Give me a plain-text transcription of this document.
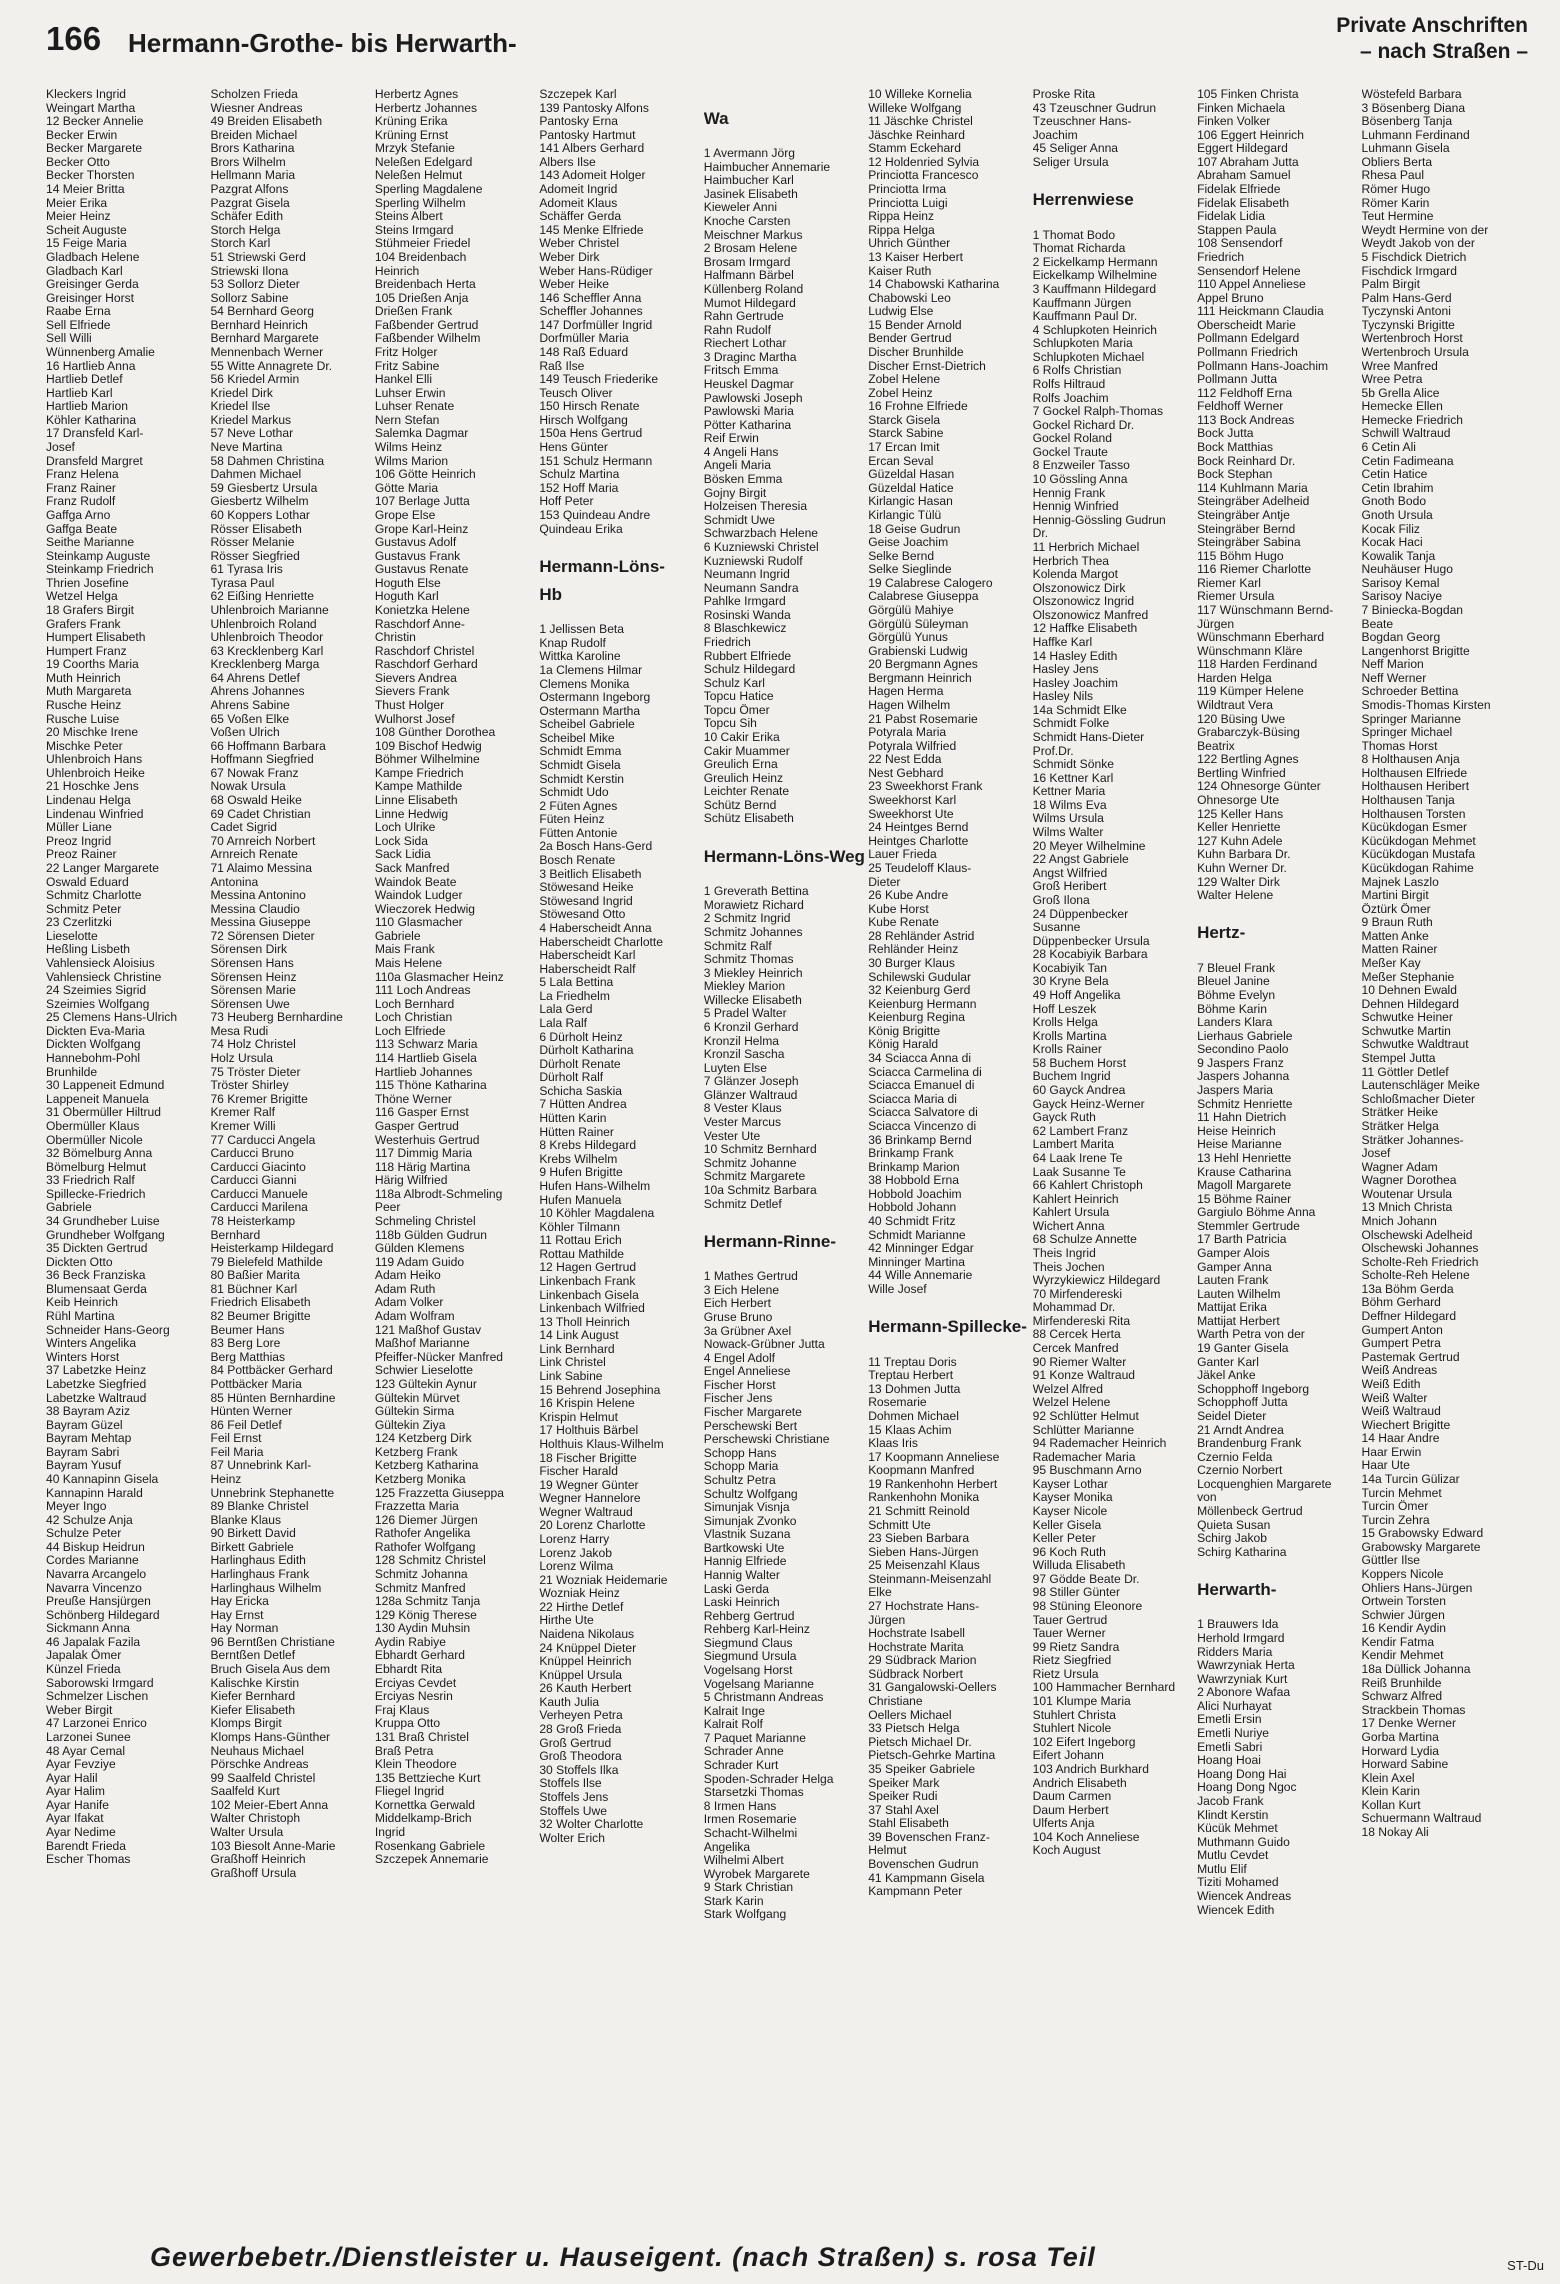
166 Hermann-Grothe- bis Herwarth-
Private Anschriften
– nach Straßen –
Kleckers Ingrid
Weingart Martha
12 Becker Annelie
Becker Erwin
Becker Margarete
Becker Otto
Becker Thorsten
14 Meier Britta
Meier Erika
Meier Heinz
Scheit Auguste
15 Feige Maria
Gladbach Helene
Gladbach Karl
Greisinger Gerda
Greisinger Horst
Raabe Erna
Sell Elfriede
Sell Willi
Wünnenberg Amalie
16 Hartlieb Anna
Hartlieb Detlef
Hartlieb Karl
Hartlieb Marion
Köhler Katharina
17 Dransfeld Karl-
Josef
Dransfeld Margret
Franz Helena
Franz Rainer
Franz Rudolf
Gaffga Arno
Gaffga Beate
Seithe Marianne
Steinkamp Auguste
Steinkamp Friedrich
Thrien Josefine
Wetzel Helga
18 Grafers Birgit
Grafers Frank
Humpert Elisabeth
Humpert Franz
19 Coorths Maria
Muth Heinrich
Muth Margareta
Rusche Heinz
Rusche Luise
20 Mischke Irene
Mischke Peter
Uhlenbroich Hans
Uhlenbroich Heike
21 Hoschke Jens
Lindenau Helga
Lindenau Winfried
Müller Liane
Preoz Ingrid
Preoz Rainer
22 Langer Margarete
Oswald Eduard
Schmitz Charlotte
Schmitz Peter
23 Czerlitzki
Lieselotte
Heßling Lisbeth
Vahlensieck Aloisius
Vahlensieck Christine
24 Szeimies Sigrid
Szeimies Wolfgang
25 Clemens Hans-Ulrich
Dickten Eva-Maria
Dickten Wolfgang
Hannebohm-Pohl
Brunhilde
30 Lappeneit Edmund
Lappeneit Manuela
31 Obermüller Hiltrud
Obermüller Klaus
Obermüller Nicole
32 Bömelburg Anna
Bömelburg Helmut
33 Friedrich Ralf
Spillecke-Friedrich
Gabriele
34 Grundheber Luise
Grundheber Wolfgang
35 Dickten Gertrud
Dickten Otto
36 Beck Franziska
Blumensaat Gerda
Keib Heinrich
Rühl Martina
Schneider Hans-Georg
Winters Angelika
Winters Horst
37 Labetzke Heinz
Labetzke Siegfried
Labetzke Waltraud
38 Bayram Aziz
Bayram Güzel
Bayram Mehtap
Bayram Sabri
Bayram Yusuf
40 Kannapinn Gisela
Kannapinn Harald
Meyer Ingo
42 Schulze Anja
Schulze Peter
44 Biskup Heidrun
Cordes Marianne
Navarra Arcangelo
Navarra Vincenzo
Preuße Hansjürgen
Schönberg Hildegard
Sickmann Anna
46 Japalak Fazila
Japalak Ömer
Künzel Frieda
Saborowski Irmgard
Schmelzer Lischen
Weber Birgit
47 Larzonei Enrico
Larzonei Sunee
48 Ayar Cemal
Ayar Fevziye
Ayar Halil
Ayar Halim
Ayar Hanife
Ayar Ifakat
Ayar Nedime
Barendt Frieda
Escher Thomas
Scholzen Frieda
Wiesner Andreas
49 Breiden Elisabeth
Breiden Michael
Brors Katharina
Brors Wilhelm
Hellmann Maria
Pazgrat Alfons
Pazgrat Gisela
Schäfer Edith
Storch Helga
Storch Karl
51 Striewski Gerd
Striewski Ilona
53 Sollorz Dieter
Sollorz Sabine
54 Bernhard Georg
Bernhard Heinrich
Bernhard Margarete
Mennenbach Werner
55 Witte Annagrete Dr.
56 Kriedel Armin
Kriedel Dirk
Kriedel Ilse
Kriedel Markus
57 Neve Lothar
Neve Martina
58 Dahmen Christina
Dahmen Michael
59 Giesbertz Ursula
Giesbertz Wilhelm
60 Koppers Lothar
Rösser Elisabeth
Rösser Melanie
Rösser Siegfried
61 Tyrasa Iris
Tyrasa Paul
62 Eißing Henriette
Uhlenbroich Marianne
Uhlenbroich Roland
Uhlenbroich Theodor
63 Krecklenberg Karl
Krecklenberg Marga
64 Ahrens Detlef
Ahrens Johannes
Ahrens Sabine
65 Voßen Elke
Voßen Ulrich
66 Hoffmann Barbara
Hoffmann Siegfried
67 Nowak Franz
Nowak Ursula
68 Oswald Heike
69 Cadet Christian
Cadet Sigrid
70 Arnreich Norbert
Arnreich Renate
71 Alaimo Messina
Antonina
Messina Antonino
Messina Claudio
Messina Giuseppe
72 Sörensen Dieter
Sörensen Dirk
Sörensen Hans
Sörensen Heinz
Sörensen Marie
Sörensen Uwe
73 Heuberg Bernhardine
Mesa Rudi
74 Holz Christel
Holz Ursula
75 Tröster Dieter
Tröster Shirley
76 Kremer Brigitte
Kremer Ralf
Kremer Willi
77 Carducci Angela
Carducci Bruno
Carducci Giacinto
Carducci Gianni
Carducci Manuele
Carducci Marilena
78 Heisterkamp
Bernhard
Heisterkamp Hildegard
79 Bielefeld Mathilde
80 Baßier Marita
81 Büchner Karl
Friedrich Elisabeth
82 Beumer Brigitte
Beumer Hans
83 Berg Lore
Berg Matthias
84 Pottbäcker Gerhard
Pottbäcker Maria
85 Hünten Bernhardine
Hünten Werner
86 Feil Detlef
Feil Ernst
Feil Maria
87 Unnebrink Karl-
Heinz
Unnebrink Stephanette
89 Blanke Christel
Blanke Klaus
90 Birkett David
Birkett Gabriele
Harlinghaus Edith
Harlinghaus Frank
Harlinghaus Wilhelm
Hay Ericka
Hay Ernst
Hay Norman
96 Berntßen Christiane
Berntßen Detlef
Bruch Gisela Aus dem
Kalischke Kirstin
Kiefer Bernhard
Kiefer Elisabeth
Klomps Birgit
Klomps Hans-Günther
Neuhaus Michael
Pörschke Andreas
99 Saalfeld Christel
Saalfeld Kurt
102 Meier-Ebert Anna
Walter Christoph
Walter Ursula
103 Biesolt Anne-Marie
Graßhoff Heinrich
Graßhoff Ursula
Herbertz Agnes
Herbertz Johannes
Krüning Erika
Krüning Ernst
Mrzyk Stefanie
Neleßen Edelgard
Neleßen Helmut
Sperling Magdalene
Sperling Wilhelm
Steins Albert
Steins Irmgard
Stühmeier Friedel
104 Breidenbach
Heinrich
Breidenbach Herta
105 Drießen Anja
Drießen Frank
Faßbender Gertrud
Faßbender Wilhelm
Fritz Holger
Fritz Sabine
Hankel Elli
Luhser Erwin
Luhser Renate
Nern Stefan
Salemka Dagmar
Wilms Heinz
Wilms Marion
106 Götte Heinrich
Götte Maria
107 Berlage Jutta
Grope Else
Grope Karl-Heinz
Gustavus Adolf
Gustavus Frank
Gustavus Renate
Hoguth Else
Hoguth Karl
Konietzka Helene
Raschdorf Anne-
Christin
Raschdorf Christel
Raschdorf Gerhard
Sievers Andrea
Sievers Frank
Thust Holger
Wulhorst Josef
108 Günther Dorothea
109 Bischof Hedwig
Böhmer Wilhelmine
Kampe Friedrich
Kampe Mathilde
Linne Elisabeth
Linne Hedwig
Loch Ulrike
Lock Sida
Sack Lidia
Sack Manfred
Waindok Beate
Waindok Ludger
Wieczorek Hedwig
110 Glasmacher
Gabriele
Mais Frank
Mais Helene
110a Glasmacher Heinz
111 Loch Andreas
Loch Bernhard
Loch Christian
Loch Elfriede
113 Schwarz Maria
114 Hartlieb Gisela
Hartlieb Johannes
115 Thöne Katharina
Thöne Werner
116 Gasper Ernst
Gasper Gertrud
Westerhuis Gertrud
117 Dimmig Maria
118 Härig Martina
Härig Wilfried
118a Albrodt-Schmeling
Peer
Schmeling Christel
118b Gülden Gudrun
Gülden Klemens
119 Adam Guido
Adam Heiko
Adam Ruth
Adam Volker
Adam Wolfram
121 Maßhof Gustav
Maßhof Marianne
Pfeiffer-Nücker Manfred
Schwier Lieselotte
123 Gültekin Aynur
Gültekin Mürvet
Gültekin Sirma
Gültekin Ziya
124 Ketzberg Dirk
Ketzberg Frank
Ketzberg Katharina
Ketzberg Monika
125 Frazzetta Giuseppa
Frazzetta Maria
126 Diemer Jürgen
Rathofer Angelika
Rathofer Wolfgang
128 Schmitz Christel
Schmitz Johanna
Schmitz Manfred
128a Schmitz Tanja
129 König Therese
130 Aydin Muhsin
Aydin Rabiye
Ebhardt Gerhard
Ebhardt Rita
Erciyas Cevdet
Erciyas Nesrin
Fraj Klaus
Kruppa Otto
131 Braß Christel
Braß Petra
Klein Theodore
135 Bettzieche Kurt
Fliegel Ingrid
Kornettka Gerwald
Middelkamp-Brich
Ingrid
Rosenkang Gabriele
Szczepek Annemarie
Szczepek Karl
139 Pantosky Alfons
Pantosky Erna
Pantosky Hartmut
141 Albers Gerhard
Albers Ilse
143 Adomeit Holger
Adomeit Ingrid
Adomeit Klaus
Schäffer Gerda
145 Menke Elfriede
Weber Christel
Weber Dirk
Weber Hans-Rüdiger
Weber Heike
146 Scheffler Anna
Scheffler Johannes
147 Dorfmüller Ingrid
Dorfmüller Maria
148 Raß Eduard
Raß Ilse
149 Teusch Friederike
Teusch Oliver
150 Hirsch Renate
Hirsch Wolfgang
150a Hens Gertrud
Hens Günter
151 Schulz Hermann
Schulz Martina
152 Hoff Maria
Hoff Peter
153 Quindeau Andre
Quindeau Erika

Hermann-Löns-
Hb

1 Jellissen Beta
Knap Rudolf
Wittka Karoline
1a Clemens Hilmar
Clemens Monika
Ostermann Ingeborg
Ostermann Martha
Scheibel Gabriele
Scheibel Mike
Schmidt Emma
Schmidt Gisela
Schmidt Kerstin
Schmidt Udo
2 Füten Agnes
Füten Heinz
Fütten Antonie
2a Bosch Hans-Gerd
Bosch Renate
3 Beitlich Elisabeth
Stöwesand Heike
Stöwesand Ingrid
Stöwesand Otto
4 Haberscheidt Anna
Haberscheidt Charlotte
Haberscheidt Karl
Haberscheidt Ralf
5 Lala Bettina
La Friedhelm
Lala Gerd
Lala Ralf
6 Dürholt Heinz
Dürholt Katharina
Dürholt Renate
Dürholt Ralf
Schicha Saskia
7 Hütten Andrea
Hütten Karin
Hütten Rainer
8 Krebs Hildegard
Krebs Wilhelm
9 Hufen Brigitte
Hufen Hans-Wilhelm
Hufen Manuela
10 Köhler Magdalena
Köhler Tilmann
11 Rottau Erich
Rottau Mathilde
12 Hagen Gertrud
Linkenbach Frank
Linkenbach Gisela
Linkenbach Wilfried
13 Tholl Heinrich
14 Link August
Link Bernhard
Link Christel
Link Sabine
15 Behrend Josephina
16 Krispin Helene
Krispin Helmut
17 Holthuis Bärbel
Holthuis Klaus-Wilhelm
18 Fischer Brigitte
Fischer Harald
19 Wegner Günter
Wegner Hannelore
Wegner Waltraud
20 Lorenz Charlotte
Lorenz Harry
Lorenz Jakob
Lorenz Wilma
21 Wozniak Heidemarie
Wozniak Heinz
22 Hirthe Detlef
Hirthe Ute
Naidena Nikolaus
24 Knüppel Dieter
Knüppel Heinrich
Knüppel Ursula
26 Kauth Herbert
Kauth Julia
Verheyen Petra
28 Groß Frieda
Groß Gertrud
Groß Theodora
30 Stoffels Ilka
Stoffels Ilse
Stoffels Jens
Stoffels Uwe
32 Wolter Charlotte
Wolter Erich

Wa

1 Avermann Jörg
Haimbucher Annemarie
Haimbucher Karl
Jasinek Elisabeth
Kieweler Anni
Knoche Carsten
Meischner Markus
2 Brosam Helene
Brosam Irmgard
Halfmann Bärbel
Küllenberg Roland
Mumot Hildegard
Rahn Gertrude
Rahn Rudolf
Riechert Lothar
3 Draginc Martha
Fritsch Emma
Heuskel Dagmar
Pawlowski Joseph
Pawlowski Maria
Pötter Katharina
Reif Erwin
4 Angeli Hans
Angeli Maria
Bösken Emma
Gojny Birgit
Holzeisen Theresia
Schmidt Uwe
Schwarzbach Helene
6 Kuzniewski Christel
Kuzniewski Rudolf
Neumann Ingrid
Neumann Sandra
Pahlke Irmgard
Rosinski Wanda
8 Blaschkewicz
Friedrich
Rubbert Elfriede
Schulz Hildegard
Schulz Karl
Topcu Hatice
Topcu Ömer
Topcu Sih
10 Cakir Erika
Cakir Muammer
Greulich Erna
Greulich Heinz
Leichter Renate
Schütz Bernd
Schütz Elisabeth

Hermann-Löns-Weg

1 Greverath Bettina
Morawietz Richard
2 Schmitz Ingrid
Schmitz Johannes
Schmitz Ralf
Schmitz Thomas
3 Miekley Heinrich
Miekley Marion
Willecke Elisabeth
5 Pradel Walter
6 Kronzil Gerhard
Kronzil Helma
Kronzil Sascha
Luyten Else
7 Glänzer Joseph
Glänzer Waltraud
8 Vester Klaus
Vester Marcus
Vester Ute
10 Schmitz Bernhard
Schmitz Johanne
Schmitz Margarete
10a Schmitz Barbara
Schmitz Detlef

Hermann-Rinne-

1 Mathes Gertrud
3 Eich Helene
Eich Herbert
Gruse Bruno
3a Grübner Axel
Nowack-Grübner Jutta
4 Engel Adolf
Engel Anneliese
Fischer Horst
Fischer Jens
Fischer Margarete
Perschewski Bert
Perschewski Christiane
Schopp Hans
Schopp Maria
Schultz Petra
Schultz Wolfgang
Simunjak Visnja
Simunjak Zvonko
Vlastnik Suzana
Bartkowski Ute
Hannig Elfriede
Hannig Walter
Laski Gerda
Laski Heinrich
Rehberg Gertrud
Rehberg Karl-Heinz
Siegmund Claus
Siegmund Ursula
Vogelsang Horst
Vogelsang Marianne
5 Christmann Andreas
Kalrait Inge
Kalrait Rolf
7 Paquet Marianne
Schrader Anne
Schrader Kurt
Spoden-Schrader Helga
Starsetzki Thomas
8 Irmen Hans
Irmen Rosemarie
Schacht-Wilhelmi
Angelika
Wilhelmi Albert
Wyrobek Margarete
9 Stark Christian
Stark Karin
Stark Wolfgang
10 Willeke Kornelia
Willeke Wolfgang
11 Jäschke Christel
Jäschke Reinhard
Stamm Eckehard
12 Holdenried Sylvia
Princiotta Francesco
Princiotta Irma
Princiotta Luigi
Rippa Heinz
Rippa Helga
Uhrich Günther
13 Kaiser Herbert
Kaiser Ruth
14 Chabowski Katharina
Chabowski Leo
Ludwig Else
15 Bender Arnold
Bender Gertrud
Discher Brunhilde
Discher Ernst-Dietrich
Zobel Helene
Zobel Heinz
16 Frohne Elfriede
Starck Gisela
Starck Sabine
17 Ercan Imit
Ercan Seval
Güzeldal Hasan
Güzeldal Hatice
Kirlangic Hasan
Kirlangic Tülü
18 Geise Gudrun
Geise Joachim
Selke Bernd
Selke Sieglinde
19 Calabrese Calogero
Calabrese Giuseppa
Görgülü Mahiye
Görgülü Süleyman
Görgülü Yunus
Grabienski Ludwig
20 Bergmann Agnes
Bergmann Heinrich
Hagen Herma
Hagen Wilhelm
21 Pabst Rosemarie
Potyrala Maria
Potyrala Wilfried
22 Nest Edda
Nest Gebhard
23 Sweekhorst Frank
Sweekhorst Karl
Sweekhorst Ute
24 Heintges Bernd
Heintges Charlotte
Lauer Frieda
25 Teudeloff Klaus-
Dieter
26 Kube Andre
Kube Horst
Kube Renate
28 Rehländer Astrid
Rehländer Heinz
30 Burger Klaus
Schilewski Gudular
32 Keienburg Gerd
Keienburg Hermann
Keienburg Regina
König Brigitte
König Harald
34 Sciacca Anna di
Sciacca Carmelina di
Sciacca Emanuel di
Sciacca Maria di
Sciacca Salvatore di
Sciacca Vincenzo di
36 Brinkamp Bernd
Brinkamp Frank
Brinkamp Marion
38 Hobbold Erna
Hobbold Joachim
Hobbold Johann
40 Schmidt Fritz
Schmidt Marianne
42 Minninger Edgar
Minninger Martina
44 Wille Annemarie
Wille Josef

Hermann-Spillecke-

11 Treptau Doris
Treptau Herbert
13 Dohmen Jutta
Rosemarie
Dohmen Michael
15 Klaas Achim
Klaas Iris
17 Koopmann Anneliese
Koopmann Manfred
19 Rankenhohn Herbert
Rankenhohn Monika
21 Schmitt Reinold
Schmitt Ute
23 Sieben Barbara
Sieben Hans-Jürgen
25 Meisenzahl Klaus
Steinmann-Meisenzahl
Elke
27 Hochstrate Hans-
Jürgen
Hochstrate Isabell
Hochstrate Marita
29 Südbrack Marion
Südbrack Norbert
31 Gangalowski-Oellers
Christiane
Oellers Michael
33 Pietsch Helga
Pietsch Michael Dr.
Pietsch-Gehrke Martina
35 Speiker Gabriele
Speiker Mark
Speiker Rudi
37 Stahl Axel
Stahl Elisabeth
39 Bovenschen Franz-
Helmut
Bovenschen Gudrun
41 Kampmann Gisela
Kampmann Peter
Proske Rita
43 Tzeuschner Gudrun
Tzeuschner Hans-
Joachim
45 Seliger Anna
Seliger Ursula

Herrenwiese

1 Thomat Bodo
Thomat Richarda
2 Eickelkamp Hermann
Eickelkamp Wilhelmine
3 Kauffmann Hildegard
Kauffmann Jürgen
Kauffmann Paul Dr.
4 Schlupkoten Heinrich
Schlupkoten Maria
Schlupkoten Michael
6 Rolfs Christian
Rolfs Hiltraud
Rolfs Joachim
7 Gockel Ralph-Thomas
Gockel Richard Dr.
Gockel Roland
Gockel Traute
8 Enzweiler Tasso
10 Gössling Anna
Hennig Frank
Hennig Winfried
Hennig-Gössling Gudrun
Dr.
11 Herbrich Michael
Herbrich Thea
Kolenda Margot
Olszonowicz Dirk
Olszonowicz Ingrid
Olszonowicz Manfred
12 Haffke Elisabeth
Haffke Karl
14 Hasley Edith
Hasley Jens
Hasley Joachim
Hasley Nils
14a Schmidt Elke
Schmidt Folke
Schmidt Hans-Dieter
Prof.Dr.
Schmidt Sönke
16 Kettner Karl
Kettner Maria
18 Wilms Eva
Wilms Ursula
Wilms Walter
20 Meyer Wilhelmine
22 Angst Gabriele
Angst Wilfried
Groß Heribert
Groß Ilona
24 Düppenbecker
Susanne
Düppenbecker Ursula
28 Kocabiyik Barbara
Kocabiyik Tan
30 Kryne Bela
49 Hoff Angelika
Hoff Leszek
Krolls Helga
Krolls Martina
Krolls Rainer
58 Buchem Horst
Buchem Ingrid
60 Gayck Andrea
Gayck Heinz-Werner
Gayck Ruth
62 Lambert Franz
Lambert Marita
64 Laak Irene Te
Laak Susanne Te
66 Kahlert Christoph
Kahlert Heinrich
Kahlert Ursula
Wichert Anna
68 Schulze Annette
Theis Ingrid
Theis Jochen
Wyrzykiewicz Hildegard
70 Mirfendereski
Mohammad Dr.
Mirfendereski Rita
88 Cercek Herta
Cercek Manfred
90 Riemer Walter
91 Konze Waltraud
Welzel Alfred
Welzel Helene
92 Schlütter Helmut
Schlütter Marianne
94 Rademacher Heinrich
Rademacher Maria
95 Buschmann Arno
Kayser Lothar
Kayser Monika
Kayser Nicole
Keller Gisela
Keller Peter
96 Koch Ruth
Willuda Elisabeth
97 Gödde Beate Dr.
98 Stiller Günter
98 Stüning Eleonore
Tauer Gertrud
Tauer Werner
99 Rietz Sandra
Rietz Siegfried
Rietz Ursula
100 Hammacher Bernhard
101 Klumpe Maria
Stuhlert Christa
Stuhlert Nicole
102 Eifert Ingeborg
Eifert Johann
103 Andrich Burkhard
Andrich Elisabeth
Daum Carmen
Daum Herbert
Ulferts Anja
104 Koch Anneliese
Koch August
105 Finken Christa
Finken Michaela
Finken Volker
106 Eggert Heinrich
Eggert Hildegard
107 Abraham Jutta
Abraham Samuel
Fidelak Elfriede
Fidelak Elisabeth
Fidelak Lidia
Stappen Paula
108 Sensendorf
Friedrich
Sensendorf Helene
110 Appel Anneliese
Appel Bruno
111 Heickmann Claudia
Oberscheidt Marie
Pollmann Edelgard
Pollmann Friedrich
Pollmann Hans-Joachim
Pollmann Jutta
112 Feldhoff Erna
Feldhoff Werner
113 Bock Andreas
Bock Jutta
Bock Matthias
Bock Reinhard Dr.
Bock Stephan
114 Kuhlmann Maria
Steingräber Adelheid
Steingräber Antje
Steingräber Bernd
Steingräber Sabina
115 Böhm Hugo
116 Riemer Charlotte
Riemer Karl
Riemer Ursula
117 Wünschmann Bernd-
Jürgen
Wünschmann Eberhard
Wünschmann Kläre
118 Harden Ferdinand
Harden Helga
119 Kümper Helene
Wildtraut Vera
120 Büsing Uwe
Grabarczyk-Büsing
Beatrix
122 Bertling Agnes
Bertling Winfried
124 Ohnesorge Günter
Ohnesorge Ute
125 Keller Hans
Keller Henriette
127 Kuhn Adele
Kuhn Barbara Dr.
Kuhn Werner Dr.
129 Walter Dirk
Walter Helene

Hertz-

7 Bleuel Frank
Bleuel Janine
Böhme Evelyn
Böhme Karin
Landers Klara
Lierhaus Gabriele
Secondino Paolo
9 Jaspers Franz
Jaspers Johanna
Jaspers Maria
Schmitz Henriette
11 Hahn Dietrich
Heise Heinrich
Heise Marianne
13 Hehl Henriette
Krause Catharina
Magoll Margarete
15 Böhme Rainer
Gargiulo Böhme Anna
Stemmler Gertrude
17 Barth Patricia
Gamper Alois
Gamper Anna
Lauten Frank
Lauten Wilhelm
Mattijat Erika
Mattijat Herbert
Warth Petra von der
19 Ganter Gisela
Ganter Karl
Jäkel Anke
Schopphoff Ingeborg
Schopphoff Jutta
Seidel Dieter
21 Arndt Andrea
Brandenburg Frank
Czernio Felda
Czernio Norbert
Locquenghien Margarete
von
Möllenbeck Gertrud
Quieta Susan
Schirg Jakob
Schirg Katharina

Herwarth-

1 Brauwers Ida
Herhold Irmgard
Ridders Maria
Wawrzyniak Herta
Wawrzyniak Kurt
2 Abonore Wafaa
Alici Nurhayat
Emetli Ersin
Emetli Nuriye
Emetli Sabri
Hoang Hoai
Hoang Dong Hai
Hoang Dong Ngoc
Jacob Frank
Klindt Kerstin
Kücük Mehmet
Muthmann Guido
Mutlu Cevdet
Mutlu Elif
Tiziti Mohamed
Wiencek Andreas
Wiencek Edith
Wöstefeld Barbara
3 Bösenberg Diana
Bösenberg Tanja
Luhmann Ferdinand
Luhmann Gisela
Obliers Berta
Rhesa Paul
Römer Hugo
Römer Karin
Teut Hermine
Weydt Hermine von der
Weydt Jakob von der
5 Fischdick Dietrich
Fischdick Irmgard
Palm Birgit
Palm Hans-Gerd
Tyczynski Antoni
Tyczynski Brigitte
Wertenbroch Horst
Wertenbroch Ursula
Wree Manfred
Wree Petra
5b Grella Alice
Hemecke Ellen
Hemecke Friedrich
Schwill Waltraud
6 Cetin Ali
Cetin Fadimeana
Cetin Hatice
Cetin Ibrahim
Gnoth Bodo
Gnoth Ursula
Kocak Filiz
Kocak Haci
Kowalik Tanja
Neuhäuser Hugo
Sarisoy Kemal
Sarisoy Naciye
7 Biniecka-Bogdan
Beate
Bogdan Georg
Langenhorst Brigitte
Neff Marion
Neff Werner
Schroeder Bettina
Smodis-Thomas Kirsten
Springer Marianne
Springer Michael
Thomas Horst
8 Holthausen Anja
Holthausen Elfriede
Holthausen Heribert
Holthausen Tanja
Holthausen Torsten
Kücükdogan Esmer
Kücükdogan Mehmet
Kücükdogan Mustafa
Kücükdogan Rahime
Majnek Laszlo
Martini Birgit
Öztürk Ömer
9 Braun Ruth
Matten Anke
Matten Rainer
Meßer Kay
Meßer Stephanie
10 Dehnen Ewald
Dehnen Hildegard
Schwutke Heiner
Schwutke Martin
Schwutke Waldtraut
Stempel Jutta
11 Göttler Detlef
Lautenschläger Meike
Schloßmacher Dieter
Strätker Heike
Strätker Helga
Strätker Johannes-
Josef
Wagner Adam
Wagner Dorothea
Woutenar Ursula
13 Mnich Christa
Mnich Johann
Olschewski Adelheid
Olschewski Johannes
Scholte-Reh Friedrich
Scholte-Reh Helene
13a Böhm Gerda
Böhm Gerhard
Deffner Hildegard
Gumpert Anton
Gumpert Petra
Pastemak Gertrud
Weiß Andreas
Weiß Edith
Weiß Walter
Weiß Waltraud
Wiechert Brigitte
14 Haar Andre
Haar Erwin
Haar Ute
14a Turcin Gülizar
Turcin Mehmet
Turcin Ömer
Turcin Zehra
15 Grabowsky Edward
Grabowsky Margarete
Güttler Ilse
Koppers Nicole
Ohliers Hans-Jürgen
Ortwein Torsten
Schwier Jürgen
16 Kendir Aydin
Kendir Fatma
Kendir Mehmet
18a Düllick Johanna
Reiß Brunhilde
Schwarz Alfred
Strackbein Thomas
17 Denke Werner
Gorba Martina
Horward Lydia
Horward Sabine
Klein Axel
Klein Karin
Kollan Kurt
Schuermann Waltraud
18 Nokay Ali
Gewerbebetr./Dienstleister u. Hauseigent. (nach Straßen) s. rosa Teil	ST-Du
